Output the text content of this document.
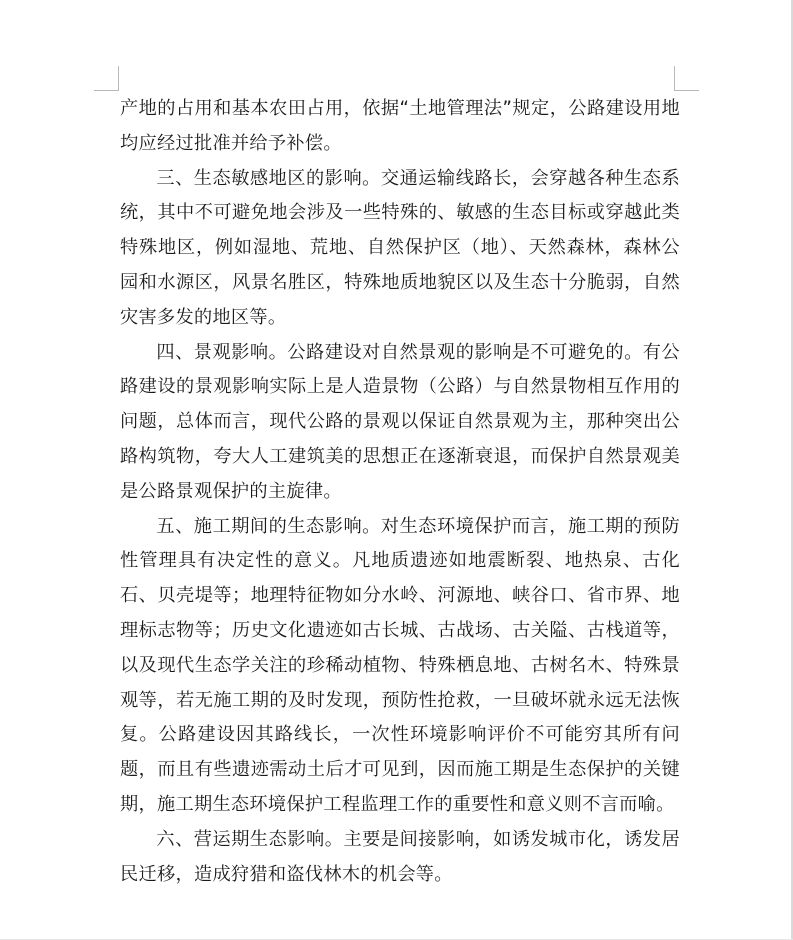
产地的占用和基本农田占用，依据“土地管理法”规定，公路建设用地均应经过批准并给予补偿。

三、生态敏感地区的影响。交通运输线路长，会穿越各种生态系统，其中不可避免地会涉及一些特殊的、敏感的生态目标或穿越此类特殊地区，例如湿地、荒地、自然保护区（地）、天然森林，森林公园和水源区，风景名胜区，特殊地质地貌区以及生态十分脆弱，自然灾害多发的地区等。

四、景观影响。公路建设对自然景观的影响是不可避免的。有公路建设的景观影响实际上是人造景物（公路）与自然景物相互作用的问题，总体而言，现代公路的景观以保证自然景观为主，那种突出公路构筑物，夸大人工建筑美的思想正在逐渐衰退，而保护自然景观美是公路景观保护的主旋律。

五、施工期间的生态影响。对生态环境保护而言，施工期的预防性管理具有决定性的意义。凡地质遗迹如地震断裂、地热泉、古化石、贝壳堤等；地理特征物如分水岭、河源地、峡谷口、省市界、地理标志物等；历史文化遗迹如古长城、古战场、古关隘、古栈道等，以及现代生态学关注的珍稀动植物、特殊栖息地、古树名木、特殊景观等，若无施工期的及时发现，预防性抢救，一旦破坏就永远无法恢复。公路建设因其路线长，一次性环境影响评价不可能穷其所有问题，而且有些遗迹需动土后才可见到，因而施工期是生态保护的关键期，施工期生态环境保护工程监理工作的重要性和意义则不言而喻。

六、营运期生态影响。主要是间接影响，如诱发城市化，诱发居民迁移，造成狩猎和盗伐林木的机会等。
